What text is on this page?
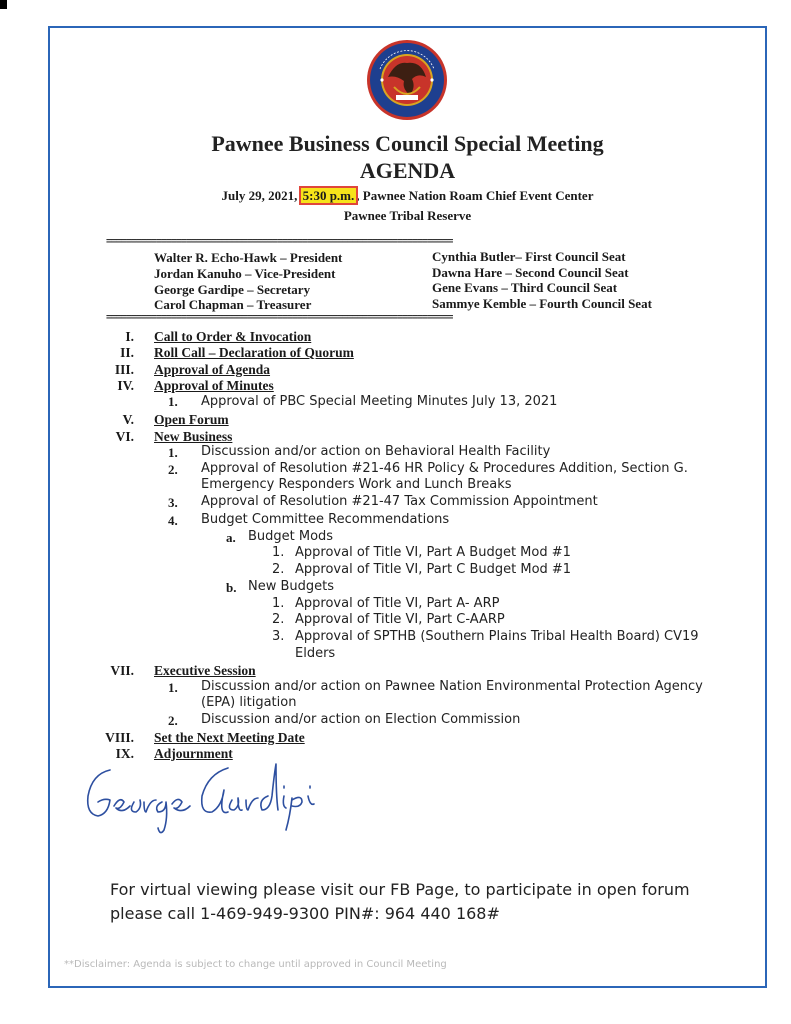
Pawnee Business Council Special Meeting
AGENDA
July 29, 2021, 5:30 p.m. , Pawnee Nation Roam Chief Event Center
Pawnee Tribal Reserve
=====================================================================
Walter R. Echo-Hawk – President
Jordan Kanuho – Vice-President
George Gardipe – Secretary
Carol Chapman – Treasurer
Cynthia Butler– First Council Seat
Dawna Hare – Second Council Seat
Gene Evans – Third Council Seat
Sammye Kemble – Fourth Council Seat
=====================================================================
I. Call to Order & Invocation
II. Roll Call – Declaration of Quorum
III. Approval of Agenda
IV. Approval of Minutes
1. Approval of PBC Special Meeting Minutes July 13, 2021
V. Open Forum
VI. New Business
1. Discussion and/or action on Behavioral Health Facility
2. Approval of Resolution #21-46 HR Policy & Procedures Addition, Section G.
Emergency Responders Work and Lunch Breaks
3. Approval of Resolution #21-47 Tax Commission Appointment
4. Budget Committee Recommendations
a. Budget Mods
1. Approval of Title VI, Part A Budget Mod #1
2. Approval of Title VI, Part C Budget Mod #1
b. New Budgets
1. Approval of Title VI, Part A- ARP
2. Approval of Title VI, Part C-AARP
3. Approval of SPTHB (Southern Plains Tribal Health Board) CV19
Elders
VII. Executive Session
1. Discussion and/or action on Pawnee Nation Environmental Protection Agency
(EPA) litigation
2. Discussion and/or action on Election Commission
VIII. Set the Next Meeting Date
IX. Adjournment
For virtual viewing please visit our FB Page, to participate in open forum
please call 1-469-949-9300 PIN#: 964 440 168#
**Disclaimer: Agenda is subject to change until approved in Council Meeting
